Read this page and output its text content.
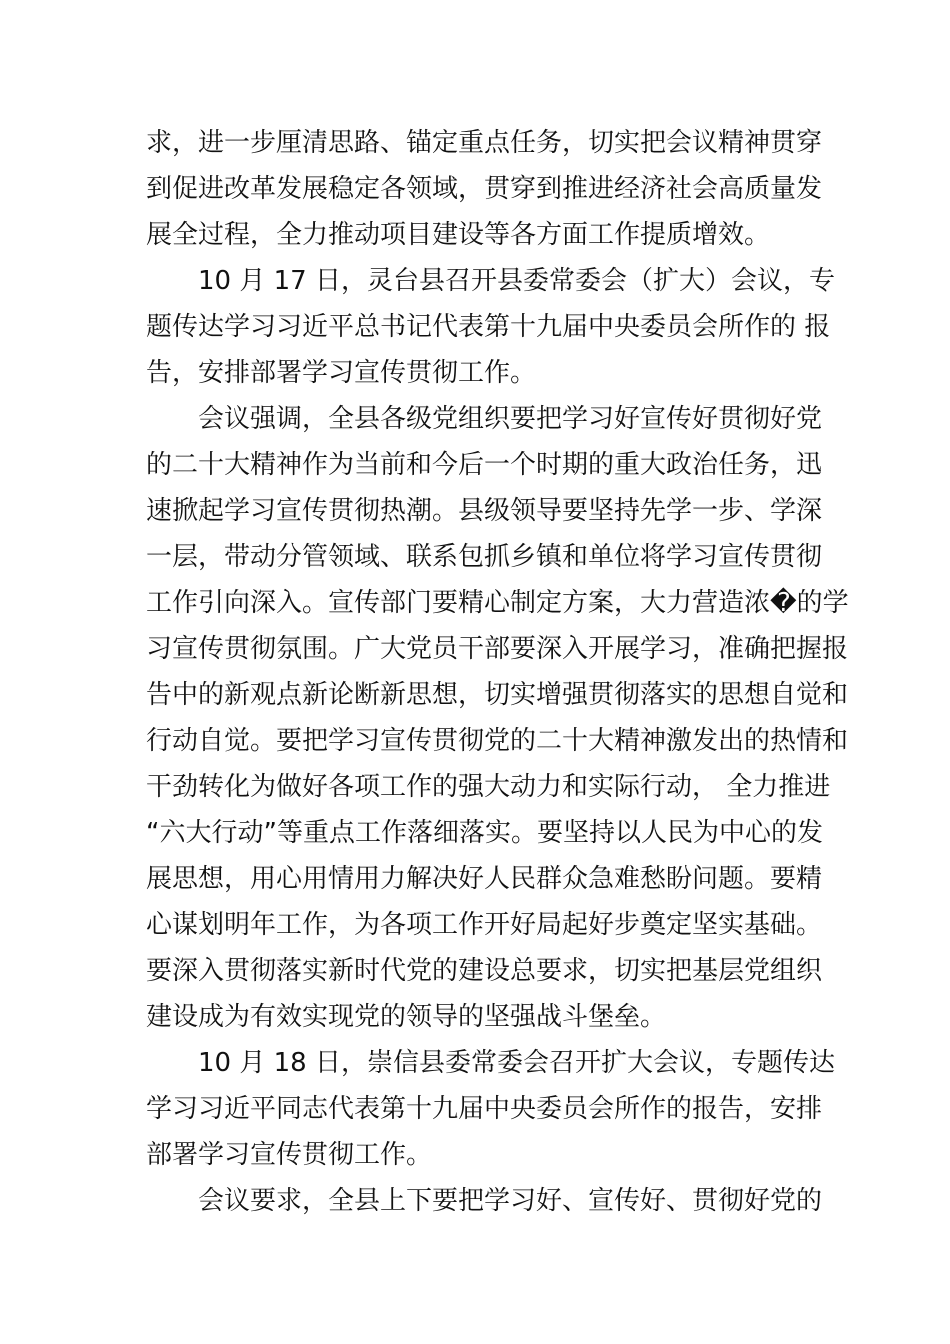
求，进一步厘清思路、锚定重点任务，切实把会议精神贯穿
到促进改革发展稳定各领域，贯穿到推进经济社会高质量发
展全过程，全力推动项目建设等各方面工作提质增效。
10 月 17 日，灵台县召开县委常委会（扩大）会议，专
题传达学习习近平总书记代表第十九届中央委员会所作的 报
告，安排部署学习宣传贯彻工作。
会议强调，全县各级党组织要把学习好宣传好贯彻好党
的二十大精神作为当前和今后一个时期的重大政治任务，迅
速掀起学习宣传贯彻热潮。县级领导要坚持先学一步、学深
一层，带动分管领域、联系包抓乡镇和单位将学习宣传贯彻
工作引向深入。宣传部门要精心制定方案，大力营造浓�的学
习宣传贯彻氛围。广大党员干部要深入开展学习，准确把握报
告中的新观点新论断新思想，切实增强贯彻落实的思想自觉和
行动自觉。要把学习宣传贯彻党的二十大精神激发出的热情和
干劲转化为做好各项工作的强大动力和实际行动， 全力推进
“六大行动”等重点工作落细落实。要坚持以人民为中心的发
展思想，用心用情用力解决好人民群众急难愁盼问题。要精
心谋划明年工作，为各项工作开好局起好步奠定坚实基础。
要深入贯彻落实新时代党的建设总要求，切实把基层党组织
建设成为有效实现党的领导的坚强战斗堡垒。
10 月 18 日，崇信县委常委会召开扩大会议，专题传达
学习习近平同志代表第十九届中央委员会所作的报告，安排
部署学习宣传贯彻工作。
会议要求，全县上下要把学习好、宣传好、贯彻好党的
